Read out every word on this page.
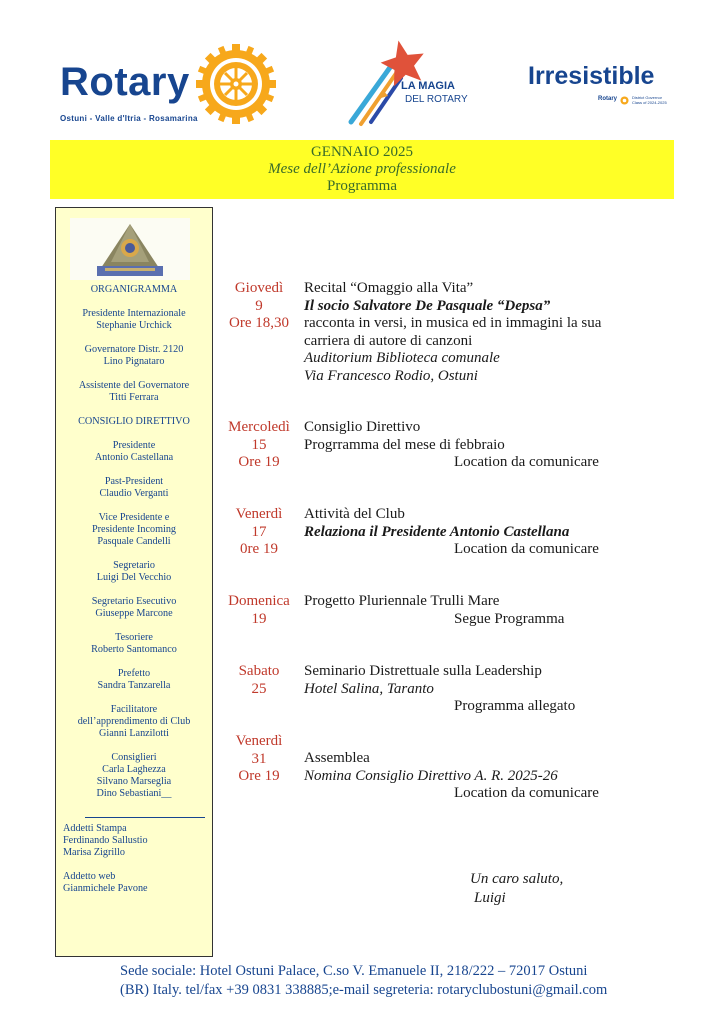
Rotary
Ostuni - Valle d'Itria - Rosamarina
LA MAGIA
DEL ROTARY
Irresistible
Rotary	District Governor Class of 2024-2025
GENNAIO 2025
Mese dell’Azione professionale
Programma
ORGANIGRAMMA
Presidente Internazionale
Stephanie Urchick
Governatore Distr. 2120
Lino Pignataro
Assistente del Governatore
Titti Ferrara
CONSIGLIO DIRETTIVO
Presidente
Antonio Castellana
Past-President
Claudio Verganti
Vice Presidente e
Presidente Incoming
Pasquale Candelli
Segretario
Luigi Del Vecchio
Segretario Esecutivo
Giuseppe Marcone
Tesoriere
Roberto Santomanco
Prefetto
Sandra Tanzarella
Facilitatore
dell’apprendimento di Club
Gianni Lanzilotti
Consiglieri
Carla Laghezza
Silvano Marseglia
Dino Sebastiani__
Addetti Stampa
Ferdinando Sallustio
Marisa Zigrillo
Addetto web
Gianmichele Pavone
Giovedì
9
Ore 18,30
Recital “Omaggio alla Vita”
Il socio Salvatore De Pasquale “Depsa”
racconta in versi, in musica ed in immagini la sua
carriera di autore di canzoni
Auditorium Biblioteca comunale
Via Francesco Rodio, Ostuni
Mercoledì
15
Ore 19
Consiglio Direttivo
Progrramma del mese di febbraio
Location da comunicare
Venerdì
17
0re 19
Attività del Club
Relaziona il Presidente Antonio Castellana
Location da comunicare
Domenica
19
Progetto Pluriennale Trulli Mare
Segue Programma
Sabato
25
Seminario Distrettuale sulla Leadership
Hotel Salina, Taranto
Programma allegato
Venerdì
31
Ore 19
Assemblea
Nomina Consiglio Direttivo A. R. 2025-26
Location da comunicare
Un caro saluto,
Luigi
Sede sociale: Hotel Ostuni Palace, C.so V. Emanuele II, 218/222 – 72017 Ostuni
(BR) Italy. tel/fax +39 0831 338885;e-mail segreteria: rotaryclubostuni@gmail.com
